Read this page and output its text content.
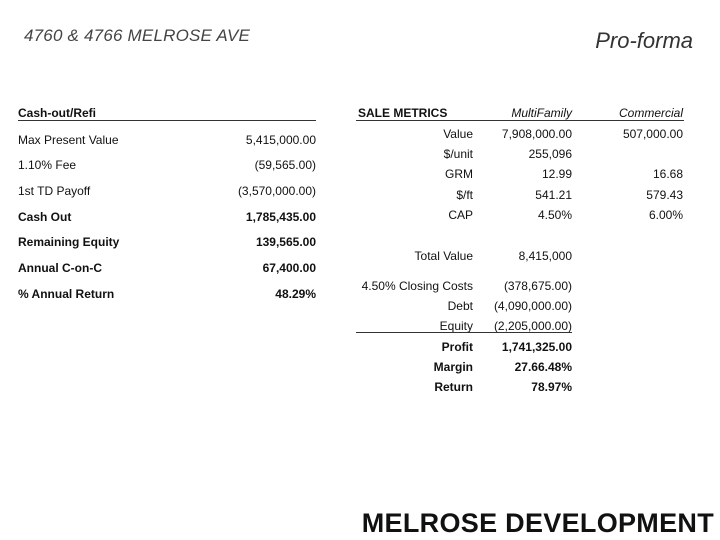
4760 & 4766 MELROSE AVE	Pro-forma
MELROSE DEVELOPMENT
Cash-out/Refi
Max Present Value	5,415,000.00
1.10% Fee	(59,565.00)
1st TD Payoff	(3,570,000.00)
Cash Out	1,785,435.00
Remaining Equity	139,565.00
Annual C-on-C	67,400.00
% Annual Return	48.29%
SALE METRICS	MultiFamily	Commercial
Value 7,908,000.00	507,000.00
$/unit	255,096
GRM	12.99	16.68
$/ft	541.21	579.43
CAP	4.50%	6.00%
Total Value	8,415,000
4.50% Closing Costs	(378,675.00)
Debt (4,090,000.00)
Equity (2,205,000.00)
Profit 1,741,325.00
Margin	27.66.48%
Return	78.97%
